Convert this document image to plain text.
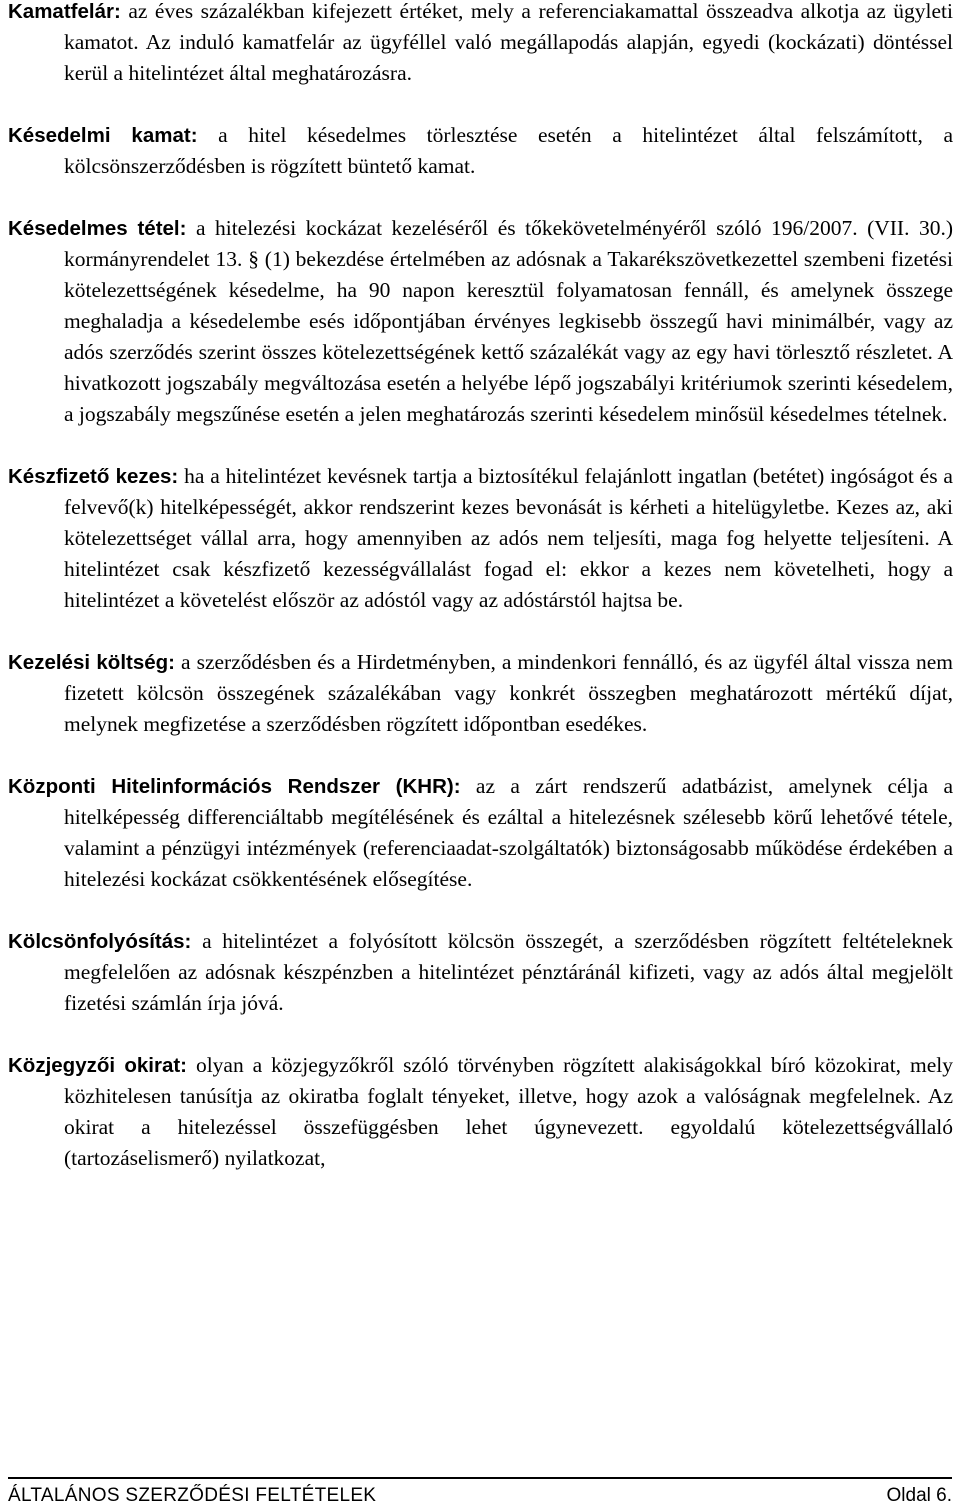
Kamatfelár: az éves százalékban kifejezett értéket, mely a referenciakamattal összeadva alkotja az ügyleti kamatot. Az induló kamatfelár az ügyféllel való megállapodás alapján, egyedi (kockázati) döntéssel kerül a hitelintézet által meghatározásra.

Késedelmi kamat: a hitel késedelmes törlesztése esetén a hitelintézet által felszámított, a kölcsönszerződésben is rögzített büntető kamat.

Késedelmes tétel: a hitelezési kockázat kezeléséről és tőkekövetelményéről szóló 196/2007. (VII. 30.) kormányrendelet 13. § (1) bekezdése értelmében az adósnak a Takarékszövetkezettel szembeni fizetési kötelezettségének késedelme, ha 90 napon keresztül folyamatosan fennáll, és amelynek összege meghaladja a késedelembe esés időpontjában érvényes legkisebb összegű havi minimálbér, vagy az adós szerződés szerint összes kötelezettségének kettő százalékát vagy az egy havi törlesztő részletet. A hivatkozott jogszabály megváltozása esetén a helyébe lépő jogszabályi kritériumok szerinti késedelem, a jogszabály megszűnése esetén a jelen meghatározás szerinti késedelem minősül késedelmes tételnek.

Készfizető kezes: ha a hitelintézet kevésnek tartja a biztosítékul felajánlott ingatlan (betétet) ingóságot és a felvevő(k) hitelképességét, akkor rendszerint kezes bevonását is kérheti a hitelügyletbe. Kezes az, aki kötelezettséget vállal arra, hogy amennyiben az adós nem teljesíti, maga fog helyette teljesíteni. A hitelintézet csak készfizető kezességvállalást fogad el: ekkor a kezes nem követelheti, hogy a hitelintézet a követelést először az adóstól vagy az adóstárstól hajtsa be.

Kezelési költség: a szerződésben és a Hirdetményben, a mindenkori fennálló, és az ügyfél által vissza nem fizetett kölcsön összegének százalékában vagy konkrét összegben meghatározott mértékű díjat, melynek megfizetése a szerződésben rögzített időpontban esedékes.

Központi Hitelinformációs Rendszer (KHR): az a zárt rendszerű adatbázist, amelynek célja a hitelképesség differenciáltabb megítélésének és ezáltal a hitelezésnek szélesebb körű lehetővé tétele, valamint a pénzügyi intézmények (referenciaadat-szolgáltatók) biztonságosabb működése érdekében a hitelezési kockázat csökkentésének elősegítése.

Kölcsönfolyósítás: a hitelintézet a folyósított kölcsön összegét, a szerződésben rögzített feltételeknek megfelelően az adósnak készpénzben a hitelintézet pénztáránál kifizeti, vagy az adós által megjelölt fizetési számlán írja jóvá.

Közjegyzői okirat: olyan a közjegyzőkről szóló törvényben rögzített alakiságokkal bíró közokirat, mely közhitelesen tanúsítja az okiratba foglalt tényeket, illetve, hogy azok a valóságnak megfelelnek. Az okirat a hitelezéssel összefüggésben lehet úgynevezett. egyoldalú kötelezettségvállaló (tartozáselismerő) nyilatkozat,

ÁLTALÁNOS SZERZŐDÉSI FELTÉTELEK	Oldal 6.
